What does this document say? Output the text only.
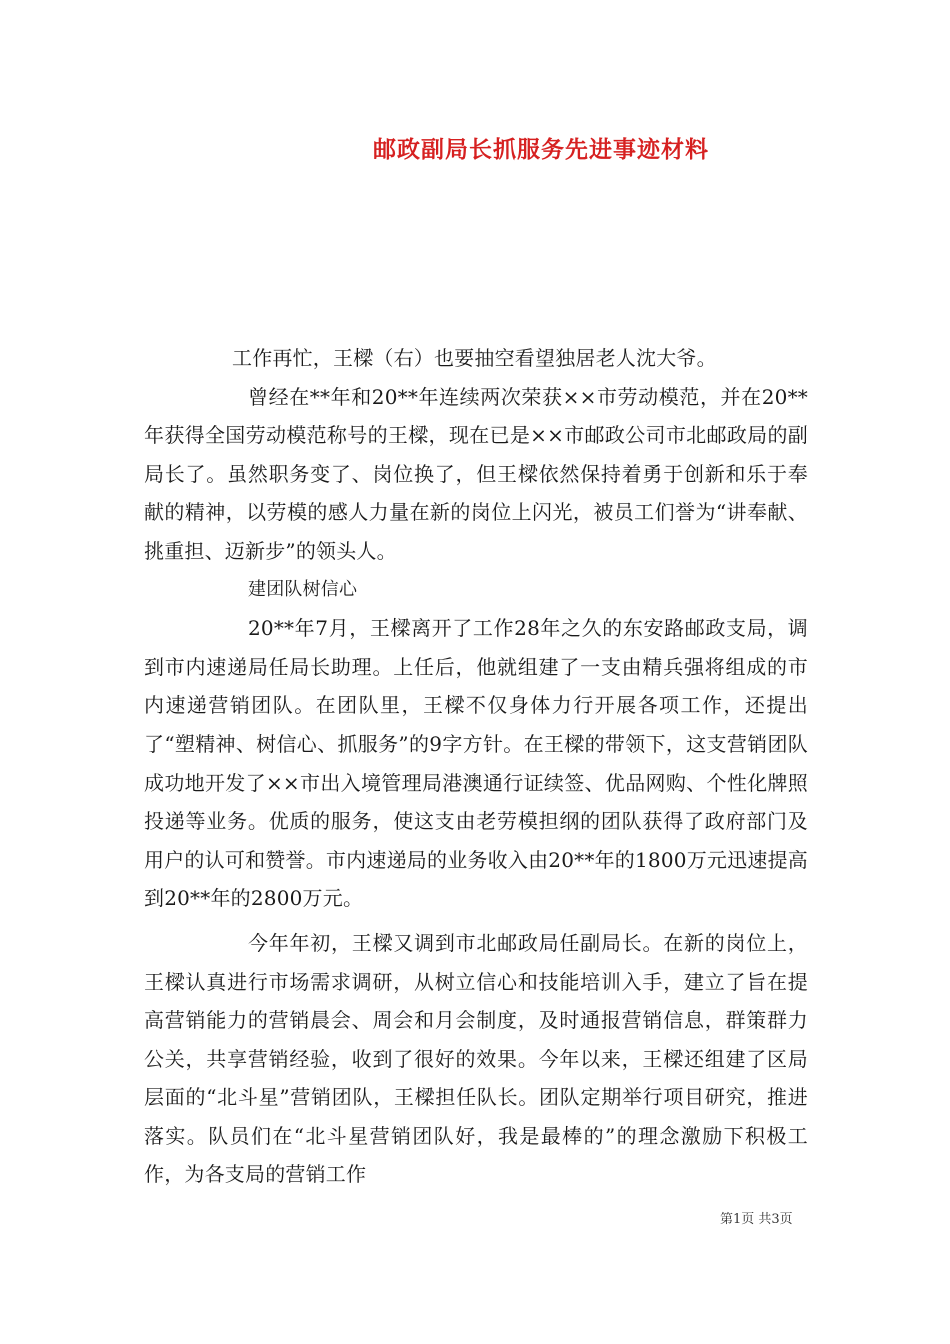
邮政副局长抓服务先进事迹材料

工作再忙，王樑（右）也要抽空看望独居老人沈大爷。

曾经在**年和20**年连续两次荣获××市劳动模范，并在20**年获得全国劳动模范称号的王樑，现在已是××市邮政公司市北邮政局的副局长了。虽然职务变了、岗位换了，但王樑依然保持着勇于创新和乐于奉献的精神，以劳模的感人力量在新的岗位上闪光，被员工们誉为“讲奉献、挑重担、迈新步”的领头人。

建团队树信心

20**年7月，王樑离开了工作28年之久的东安路邮政支局，调到市内速递局任局长助理。上任后，他就组建了一支由精兵强将组成的市内速递营销团队。在团队里，王樑不仅身体力行开展各项工作，还提出了“塑精神、树信心、抓服务”的9字方针。在王樑的带领下，这支营销团队成功地开发了××市出入境管理局港澳通行证续签、优品网购、个性化牌照投递等业务。优质的服务，使这支由老劳模担纲的团队获得了政府部门及用户的认可和赞誉。市内速递局的业务收入由20**年的1800万元迅速提高到20**年的2800万元。

今年年初，王樑又调到市北邮政局任副局长。在新的岗位上，王樑认真进行市场需求调研，从树立信心和技能培训入手，建立了旨在提高营销能力的营销晨会、周会和月会制度，及时通报营销信息，群策群力公关，共享营销经验，收到了很好的效果。今年以来，王樑还组建了区局层面的“北斗星”营销团队，王樑担任队长。团队定期举行项目研究，推进落实。队员们在“北斗星营销团队好，我是最棒的”的理念激励下积极工作，为各支局的营销工作

第1页 共3页
